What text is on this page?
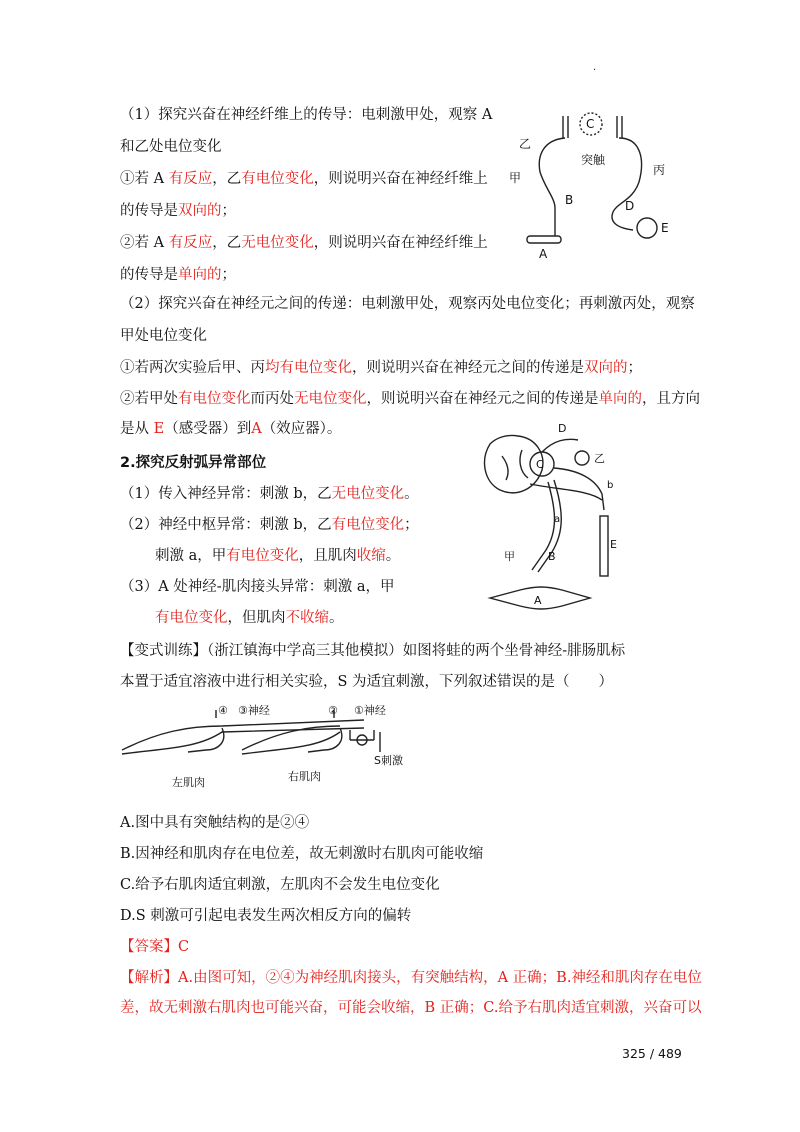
.
（1）探究兴奋在神经纤维上的传导：电刺激甲处，观察 A
和乙处电位变化
①若 A 有反应，乙有电位变化，则说明兴奋在神经纤维上
的传导是双向的；
②若 A 有反应，乙无电位变化，则说明兴奋在神经纤维上
的传导是单向的；
C
突触
乙
甲
丙
B	D
E
A
（2）探究兴奋在神经元之间的传递：电刺激甲处，观察丙处电位变化；再刺激丙处，观察
甲处电位变化
①若两次实验后甲、丙均有电位变化，则说明兴奋在神经元之间的传递是双向的；
②若甲处有电位变化而丙处无电位变化，则说明兴奋在神经元之间的传递是单向的，且方向
是从 E（感受器）到A（效应器）。
2.探究反射弧异常部位
（1）传入神经异常：刺激 b，乙无电位变化。
（2）神经中枢异常：刺激 b，乙有电位变化；
刺激 a，甲有电位变化，且肌肉收缩。
（3）A 处神经-肌肉接头异常：刺激 a，甲
有电位变化，但肌肉不收缩。
D
C	乙
b
a
E
甲	B
A
【变式训练】（浙江镇海中学高三其他模拟）如图将蛙的两个坐骨神经-腓肠肌标
本置于适宜溶液中进行相关实验，S 为适宜刺激，下列叙述错误的是（　　）
④ ③神经	② ①神经
左肌肉	右肌肉
S刺激
A.图中具有突触结构的是②④
B.因神经和肌肉存在电位差，故无刺激时右肌肉可能收缩
C.给予右肌肉适宜刺激，左肌肉不会发生电位变化
D.S 刺激可引起电表发生两次相反方向的偏转
【答案】C
【解析】A.由图可知，②④为神经肌肉接头，有突触结构，A 正确；B.神经和肌肉存在电位
差，故无刺激右肌肉也可能兴奋，可能会收缩，B 正确；C.给予右肌肉适宜刺激，兴奋可以
325 / 489
